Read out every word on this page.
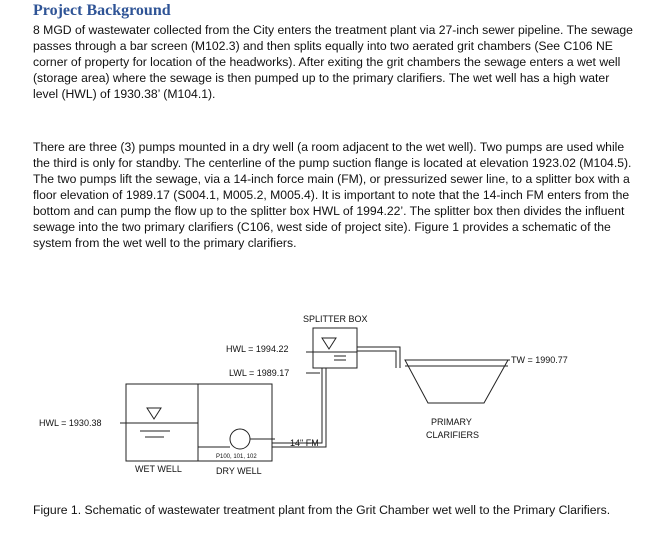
Project Background

8 MGD of wastewater collected from the City enters the treatment plant via 27-inch sewer pipeline. The sewage passes through a bar screen (M102.3) and then splits equally into two aerated grit chambers (See C106 NE corner of property for location of the headworks). After exiting the grit chambers the sewage enters a wet well (storage area) where the sewage is then pumped up to the primary clarifiers. The wet well has a high water level (HWL) of 1930.38’ (M104.1).

There are three (3) pumps mounted in a dry well (a room adjacent to the wet well). Two pumps are used while the third is only for standby. The centerline of the pump suction flange is located at elevation 1923.02 (M104.5). The two pumps lift the sewage, via a 14-inch force main (FM), or pressurized sewer line, to a splitter box with a floor elevation of 1989.17 (S004.1, M005.2, M005.4). It is important to note that the 14-inch FM enters from the bottom and can pump the flow up to the splitter box HWL of 1994.22’. The splitter box then divides the influent sewage into the two primary clarifiers (C106, west side of project site). Figure 1 provides a schematic of the system from the wet well to the primary clarifiers.

SPLITTER BOX
HWL = 1994.22
LWL = 1989.17
TW = 1990.77
HWL = 1930.38
14" FM
P100, 101, 102
WET WELL	DRY WELL
PRIMARY
CLARIFIERS

Figure 1. Schematic of wastewater treatment plant from the Grit Chamber wet well to the Primary Clarifiers.
